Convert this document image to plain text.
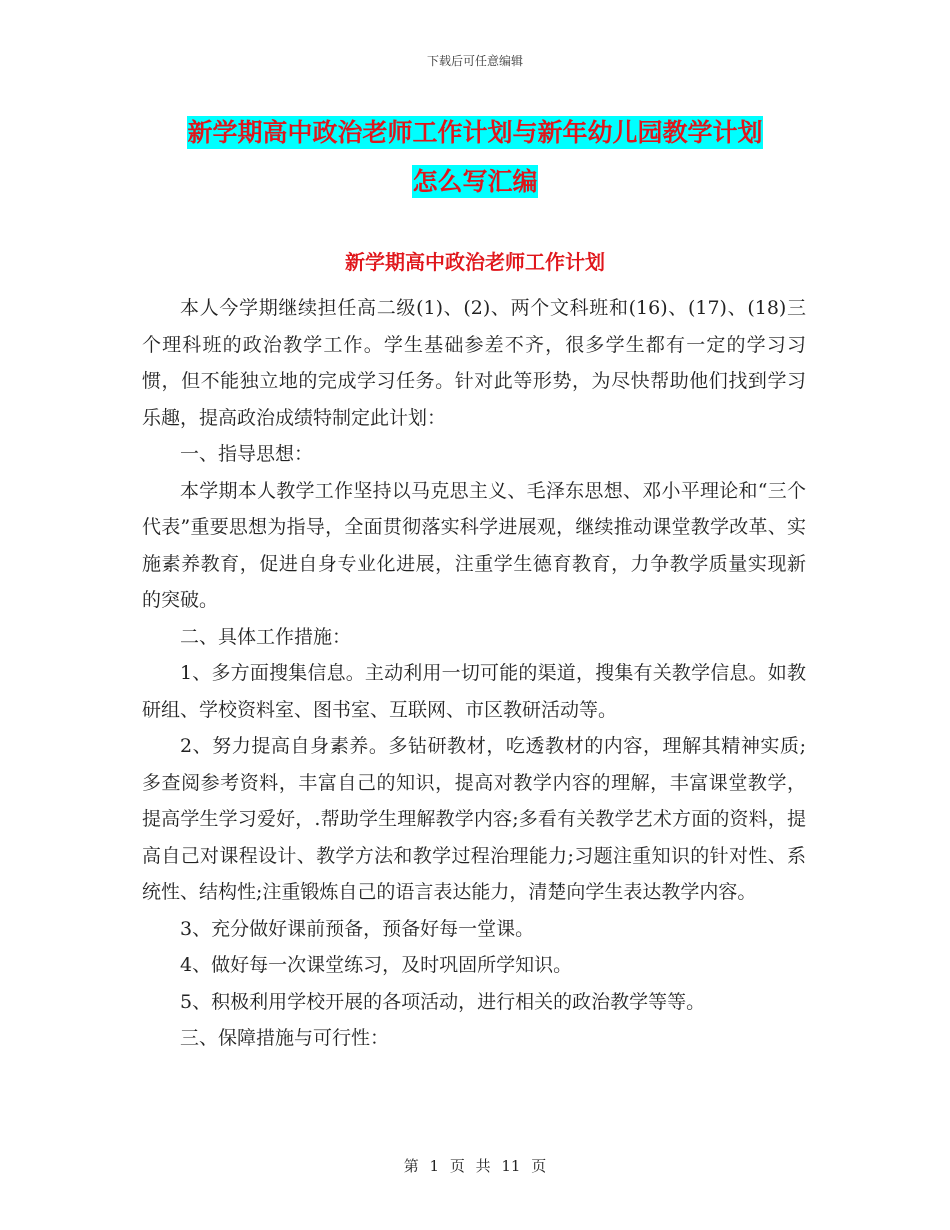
下载后可任意编辑
新学期高中政治老师工作计划与新年幼儿园教学计划
怎么写汇编
新学期高中政治老师工作计划

本人今学期继续担任高二级(1)、(2)、两个文科班和(16)、(17)、(18)三个理科班的政治教学工作。学生基础参差不齐，很多学生都有一定的学习习惯，但不能独立地的完成学习任务。针对此等形势，为尽快帮助他们找到学习乐趣，提高政治成绩特制定此计划：

一、指导思想：

本学期本人教学工作坚持以马克思主义、毛泽东思想、邓小平理论和“三个代表”重要思想为指导，全面贯彻落实科学进展观，继续推动课堂教学改革、实施素养教育，促进自身专业化进展，注重学生德育教育，力争教学质量实现新的突破。

二、具体工作措施：

1、多方面搜集信息。主动利用一切可能的渠道，搜集有关教学信息。如教研组、学校资料室、图书室、互联网、市区教研活动等。

2、努力提高自身素养。多钻研教材，吃透教材的内容，理解其精神实质;多查阅参考资料，丰富自己的知识，提高对教学内容的理解，丰富课堂教学，提高学生学习爱好，.帮助学生理解教学内容;多看有关教学艺术方面的资料，提高自己对课程设计、教学方法和教学过程治理能力;习题注重知识的针对性、系统性、结构性;注重锻炼自己的语言表达能力，清楚向学生表达教学内容。

3、充分做好课前预备，预备好每一堂课。

4、做好每一次课堂练习，及时巩固所学知识。

5、积极利用学校开展的各项活动，进行相关的政治教学等等。

三、保障措施与可行性：

第 1 页 共 11 页
